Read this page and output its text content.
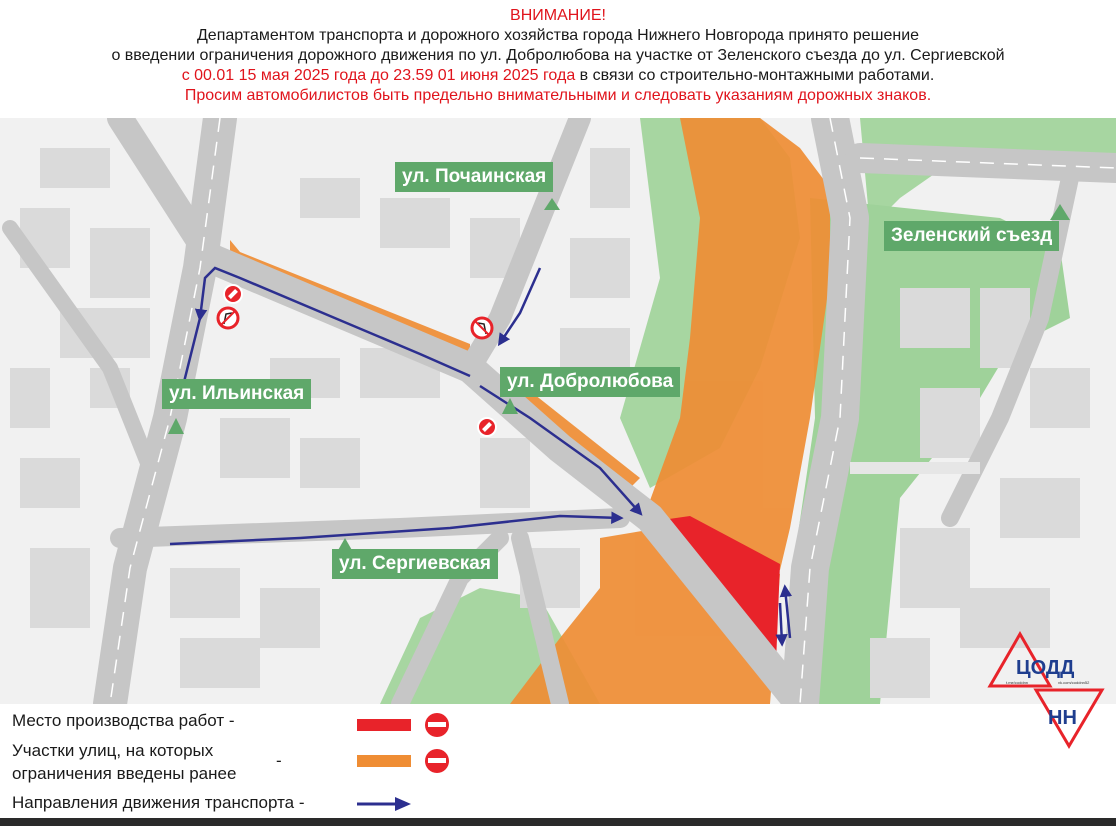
ВНИМАНИЕ!
Департаментом транспорта и дорожного хозяйства города Нижнего Новгорода принято решение
о введении ограничения дорожного движения по ул. Добролюбова на участке от Зеленского съезда до ул. Сергиевской
с 00.01 15 мая 2025 года до 23.59 01 июня 2025 года в связи со строительно-монтажными работами.
Просим автомобилистов быть предельно внимательными и следовать указаниям дорожных знаков.
ул. Почаинская
Зеленский съезд
ул. Ильинская
ул. Добролюбова
ул. Сергиевская
Место производства работ -
Участки улиц, на которых
ограничения введены ранее
-
Направления движения транспорта -
ЦОДД
НН
t.me/coddnn	vk.com/coddnn52
